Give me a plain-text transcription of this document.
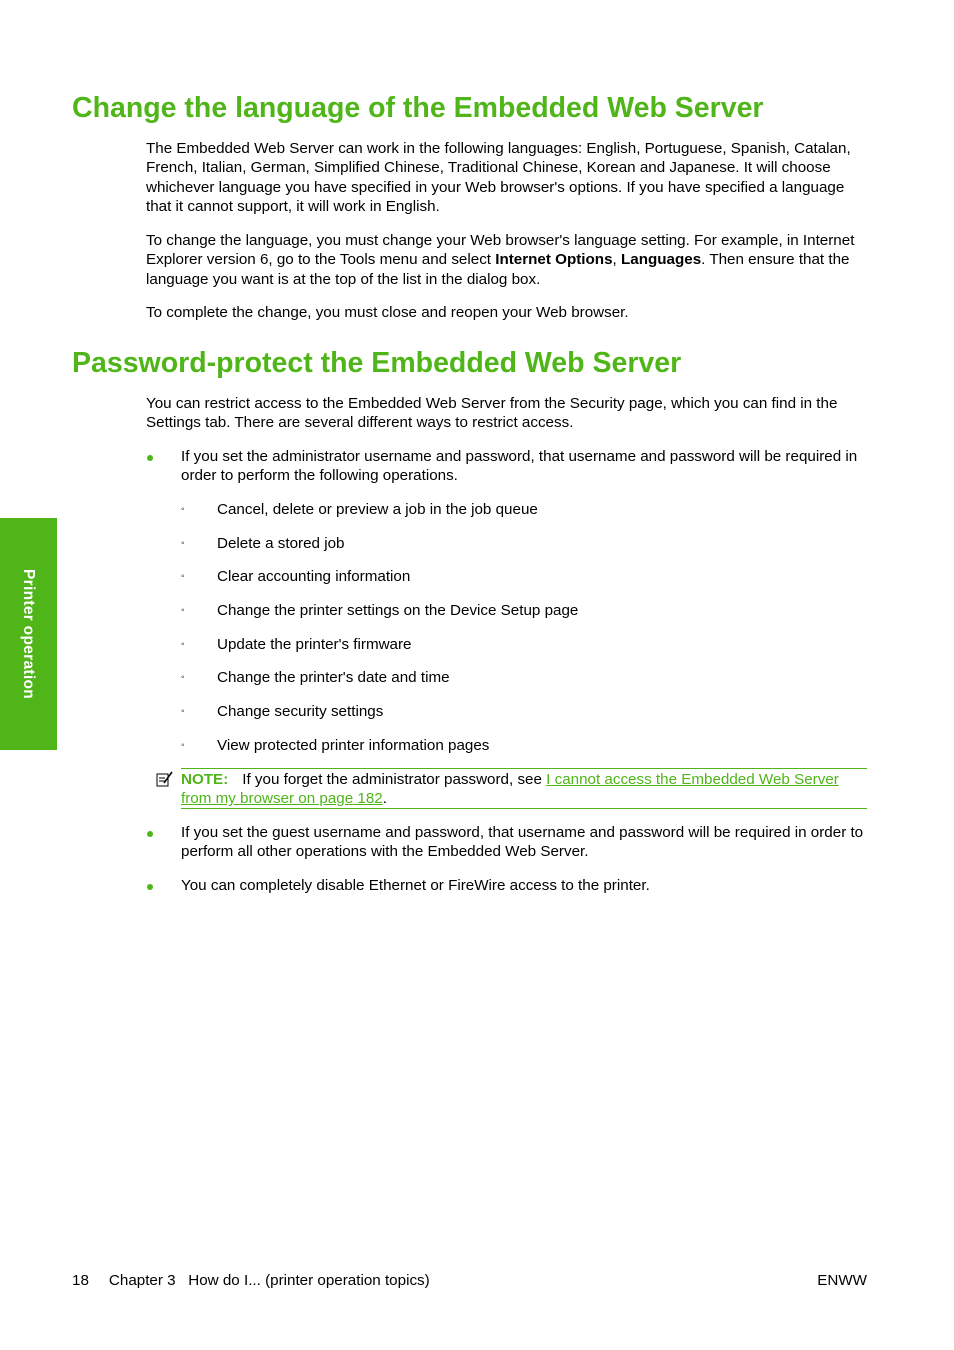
Printer operation
Change the language of the Embedded Web Server

The Embedded Web Server can work in the following languages: English, Portuguese, Spanish, Catalan, French, Italian, German, Simplified Chinese, Traditional Chinese, Korean and Japanese. It will choose whichever language you have specified in your Web browser's options. If you have specified a language that it cannot support, it will work in English.

To change the language, you must change your Web browser's language setting. For example, in Internet Explorer version 6, go to the Tools menu and select Internet Options, Languages. Then ensure that the language you want is at the top of the list in the dialog box.

To complete the change, you must close and reopen your Web browser.

Password-protect the Embedded Web Server

You can restrict access to the Embedded Web Server from the Security page, which you can find in the Settings tab. There are several different ways to restrict access.

If you set the administrator username and password, that username and password will be required in order to perform the following operations.

◦ Cancel, delete or preview a job in the job queue

◦ Delete a stored job

◦ Clear accounting information

◦ Change the printer settings on the Device Setup page

◦ Update the printer's firmware

◦ Change the printer's date and time

◦ Change security settings

◦ View protected printer information pages

NOTE: If you forget the administrator password, see I cannot access the Embedded Web Server from my browser on page 182.

If you set the guest username and password, that username and password will be required in order to perform all other operations with the Embedded Web Server.

You can completely disable Ethernet or FireWire access to the printer.

18 Chapter 3   How do I... (printer operation topics)	ENWW
